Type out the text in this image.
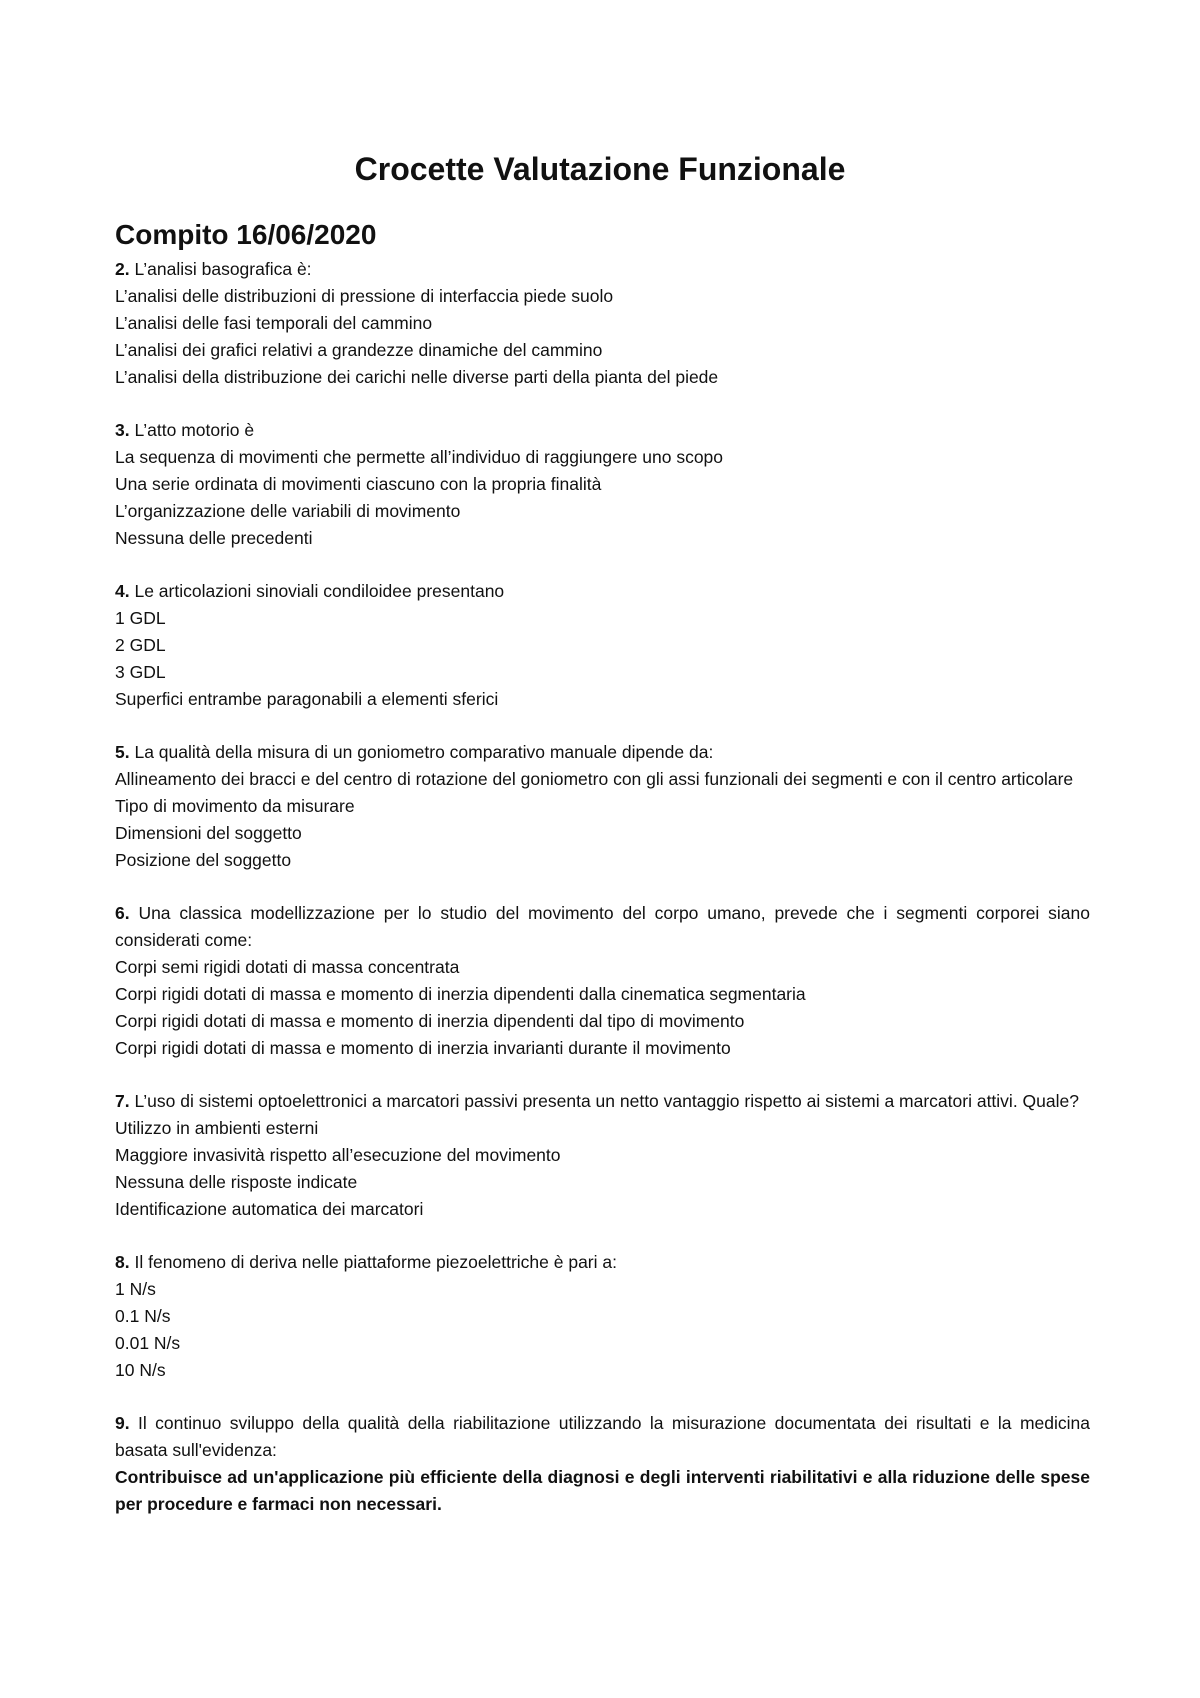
Crocette Valutazione Funzionale
Compito 16/06/2020
2. L’analisi basografica è:
L’analisi delle distribuzioni di pressione di interfaccia piede suolo
L’analisi delle fasi temporali del cammino
L’analisi dei grafici relativi a grandezze dinamiche del cammino
L’analisi della distribuzione dei carichi nelle diverse parti della pianta del piede
3. L’atto motorio è
La sequenza di movimenti che permette all’individuo di raggiungere uno scopo
Una serie ordinata di movimenti ciascuno con la propria finalità
L’organizzazione delle variabili di movimento
Nessuna delle precedenti
4. Le articolazioni sinoviali condiloidee presentano
1 GDL
2 GDL
3 GDL
Superfici entrambe paragonabili a elementi sferici
5. La qualità della misura di un goniometro comparativo manuale dipende da:
Allineamento dei bracci e del centro di rotazione del goniometro con gli assi funzionali dei segmenti e con il centro articolare
Tipo di movimento da misurare
Dimensioni del soggetto
Posizione del soggetto
6. Una classica modellizzazione per lo studio del movimento del corpo umano, prevede che i segmenti corporei siano considerati come:
Corpi semi rigidi dotati di massa concentrata
Corpi rigidi dotati di massa e momento di inerzia dipendenti dalla cinematica segmentaria
Corpi rigidi dotati di massa e momento di inerzia dipendenti dal tipo di movimento
Corpi rigidi dotati di massa e momento di inerzia invarianti durante il movimento
7. L’uso di sistemi optoelettronici a marcatori passivi presenta un netto vantaggio rispetto ai sistemi a marcatori attivi. Quale?
Utilizzo in ambienti esterni
Maggiore invasività rispetto all’esecuzione del movimento
Nessuna delle risposte indicate
Identificazione automatica dei marcatori
8. Il fenomeno di deriva nelle piattaforme piezoelettriche è pari a:
1 N/s
0.1 N/s
0.01 N/s
10 N/s
9. Il continuo sviluppo della qualità della riabilitazione utilizzando la misurazione documentata dei risultati e la medicina basata sull'evidenza:
Contribuisce ad un'applicazione più efficiente della diagnosi e degli interventi riabilitativi e alla riduzione delle spese per procedure e farmaci non necessari.
